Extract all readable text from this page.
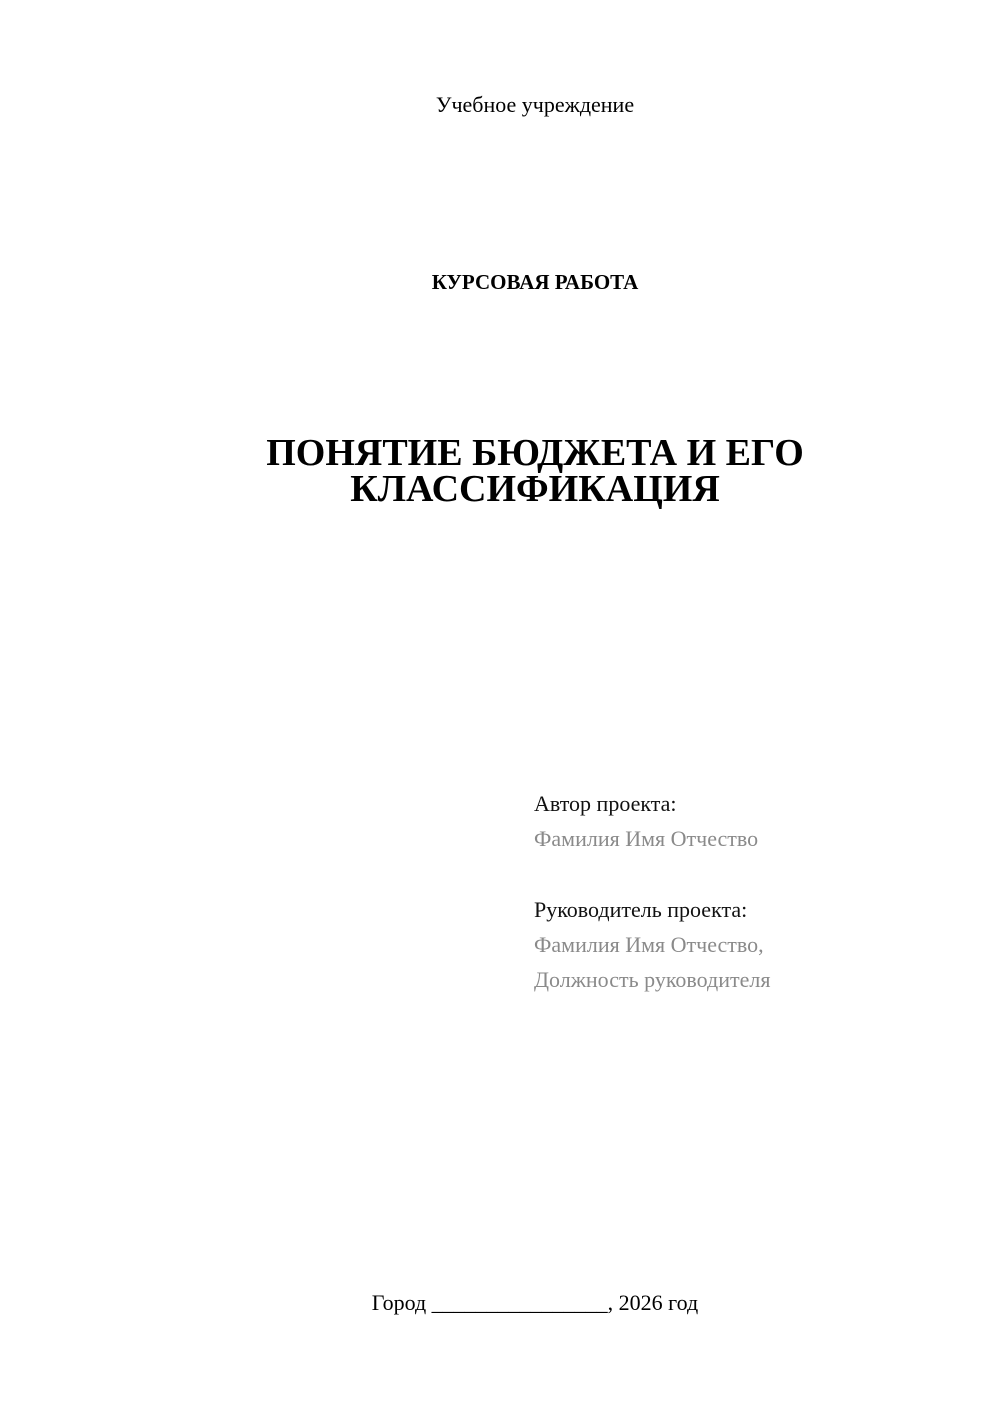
Учебное учреждение
КУРСОВАЯ РАБОТА
ПОНЯТИЕ БЮДЖЕТА И ЕГО
КЛАССИФИКАЦИЯ
Автор проекта:
Фамилия Имя Отчество
Руководитель проекта:
Фамилия Имя Отчество,
Должность руководителя
Город ________________, 2026 год
